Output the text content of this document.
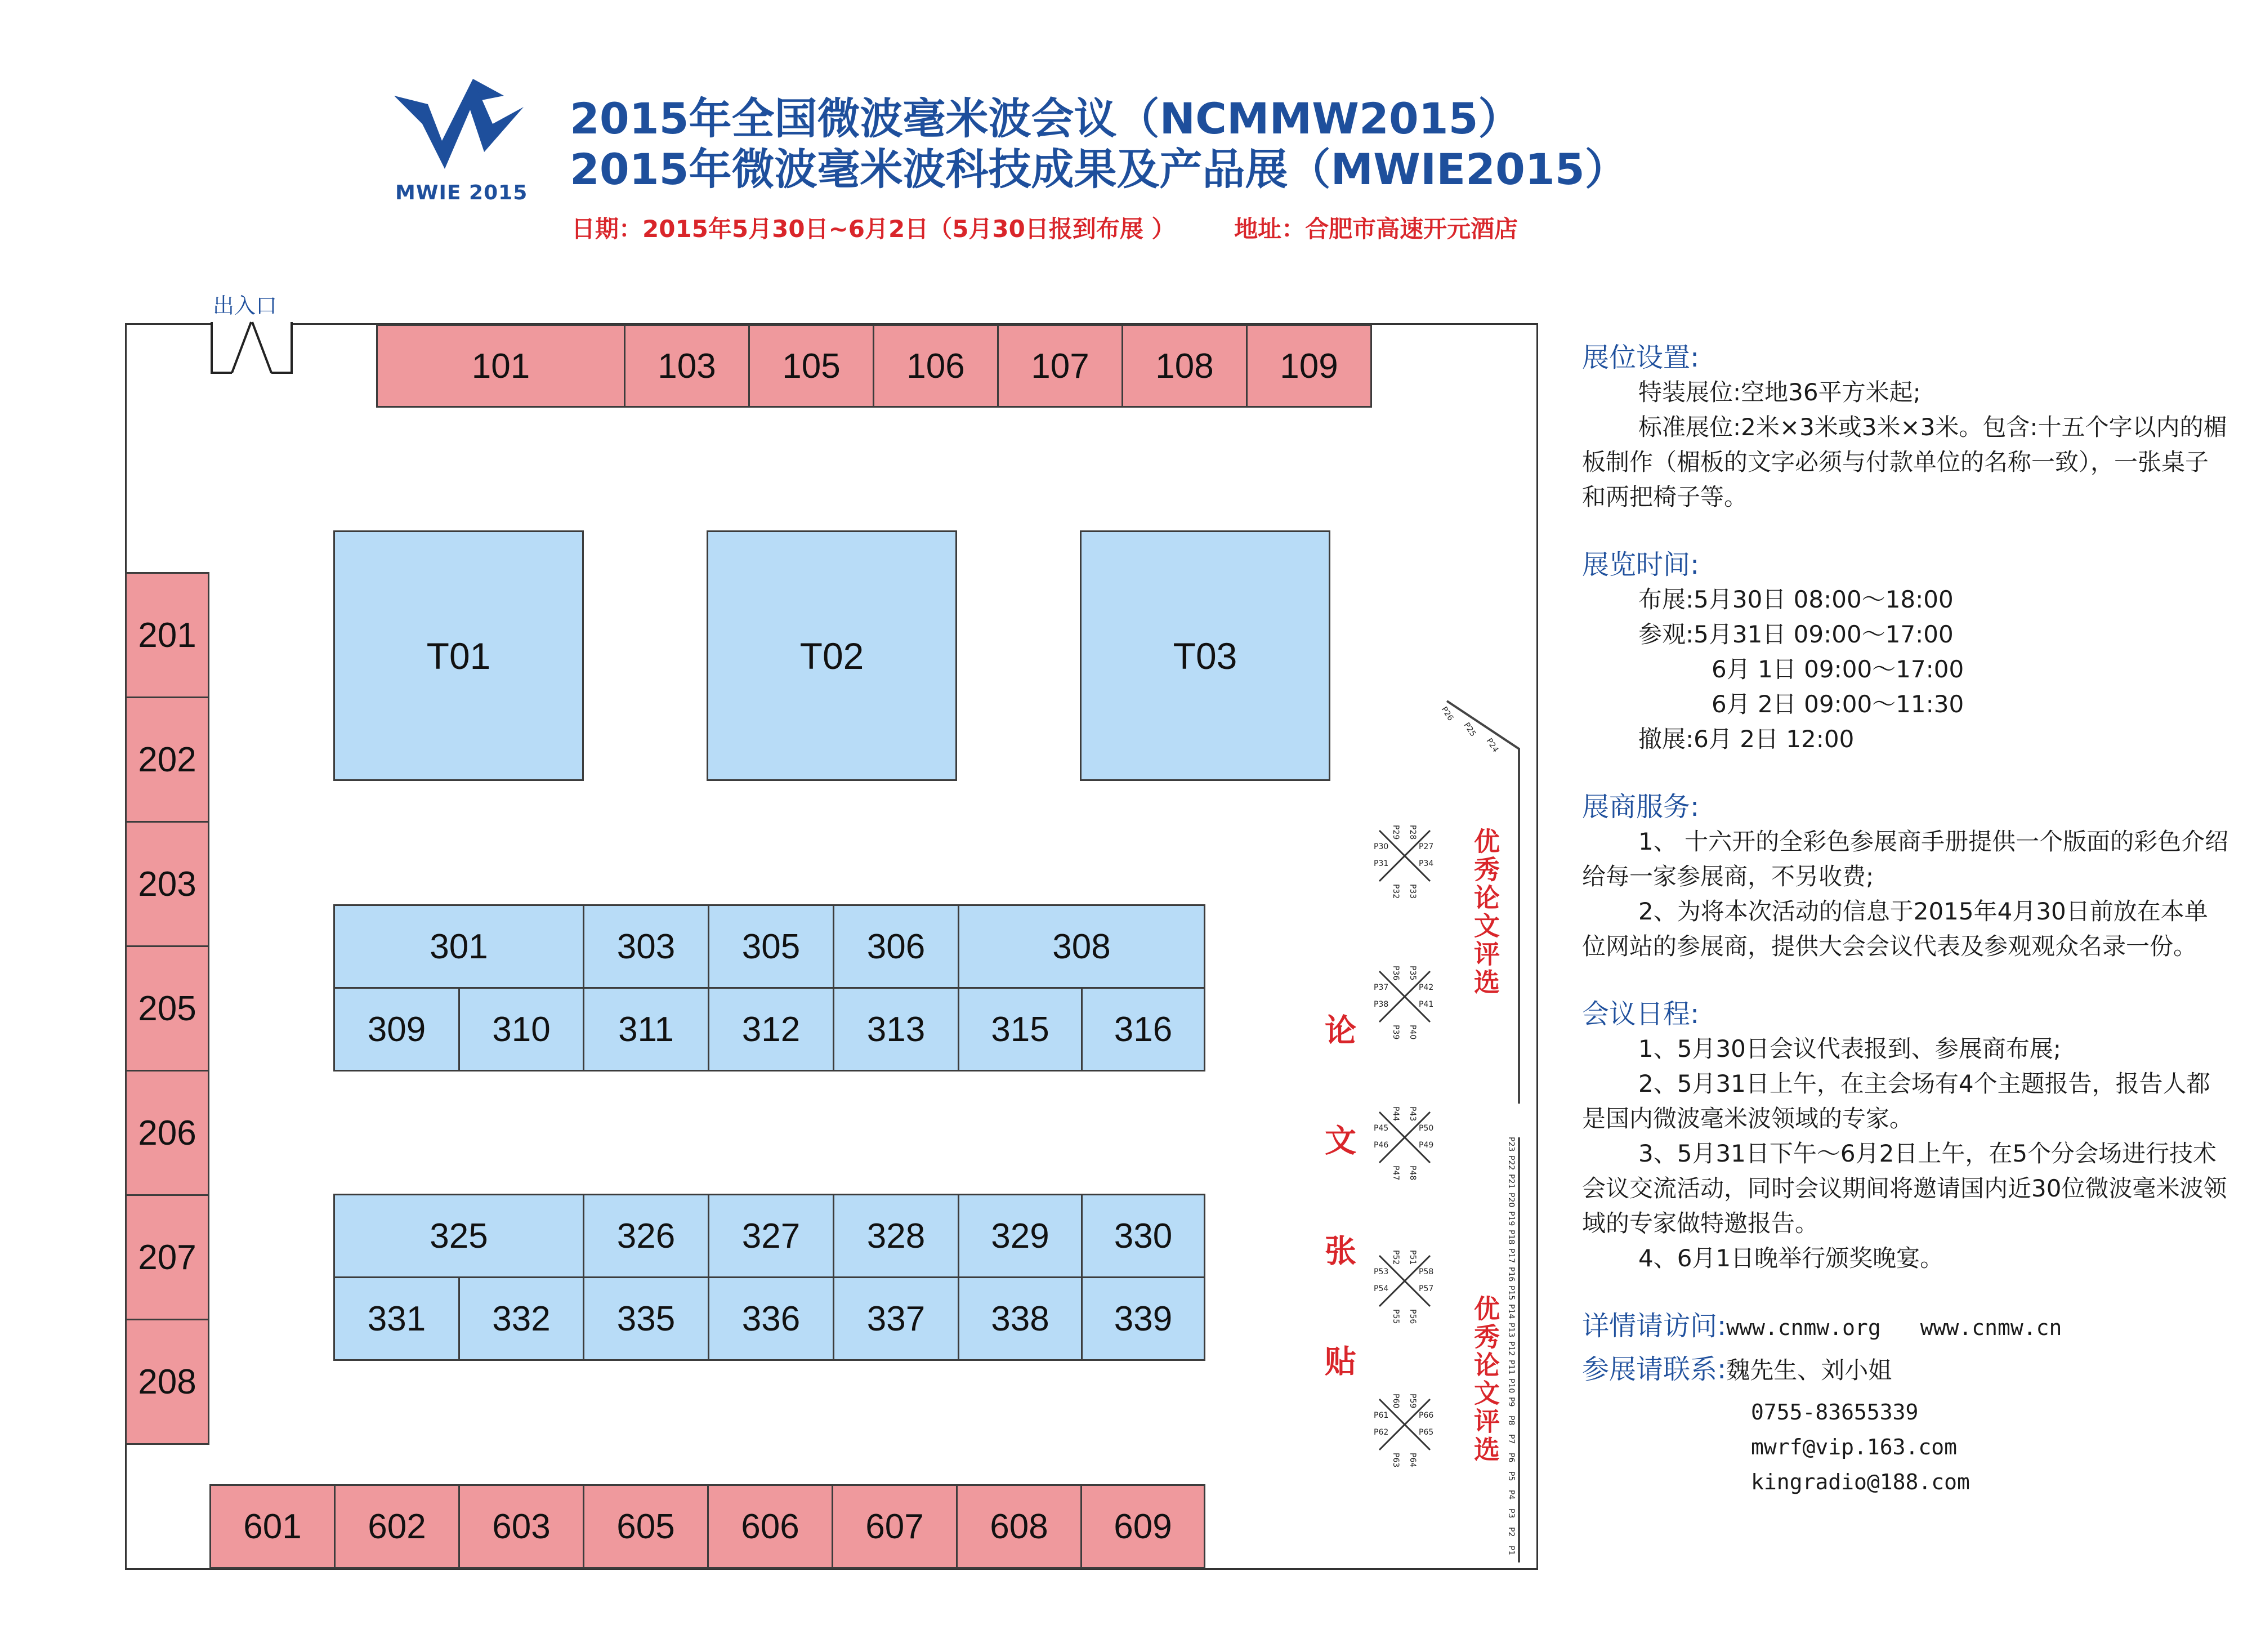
MWIE 2015
2015年全国微波毫米波会议（NCMMW2015）
2015年微波毫米波科技成果及产品展（MWIE2015）
日期：2015年5月30日~6月2日（5月30日报到布展 ） 地址：合肥市高速开元酒店
出入口
101	103	105	106	107	108	109
201
202
203
205
206
207
208
T01	T02	T03
301	303	305	306	308
309	310	311	312	313	315	316
325	326	327	328	329	330
331	332	335	336	337	338	339
601	602	603	605	606	607	608	609
论文张贴
优秀论文评选
优秀论文评选
P1
P2
P3
P4
P5
P6
P7
P8
P9
P10
P11
P12
P13
P14
P15
P16
P17
P18
P19
P20
P21
P22
P23
P24
P25
P26
P29 P28
P30	P27
P31	P34
P32 P33
P36 P35
P37	P42
P38	P41
P39 P40
P44 P43
P45	P50
P46	P49
P47 P48
P52 P51
P53	P58
P54	P57
P55 P56
P60 P59
P61	P66
P62	P65
P63 P64
展位设置:
特装展位:空地36平方米起;
标准展位:2米×3米或3米×3米。包含:十五个字以内的楣板制作（楣板的文字必须与付款单位的名称一致），一张桌子和两把椅子等。
展览时间:
布展:5月30日 08:00～18:00
参观:5月31日 09:00～17:00
6月 1日 09:00～17:00
6月 2日 09:00～11:30
撤展:6月 2日 12:00
展商服务:
1、 十六开的全彩色参展商手册提供一个版面的彩色介绍给每一家参展商，不另收费;
2、为将本次活动的信息于2015年4月30日前放在本单位网站的参展商，提供大会会议代表及参观观众名录一份。
会议日程:
1、5月30日会议代表报到、参展商布展;
2、5月31日上午，在主会场有4个主题报告，报告人都是国内微波毫米波领域的专家。
3、5月31日下午～6月2日上午，在5个分会场进行技术会议交流活动，同时会议期间将邀请国内近30位微波毫米波领域的专家做特邀报告。
4、6月1日晚举行颁奖晚宴。
详情请访问: www.cnmw.org www.cnmw.cn
参展请联系: 魏先生、刘小姐
0755-83655339
mwrf@vip.163.com
kingradio@188.com
